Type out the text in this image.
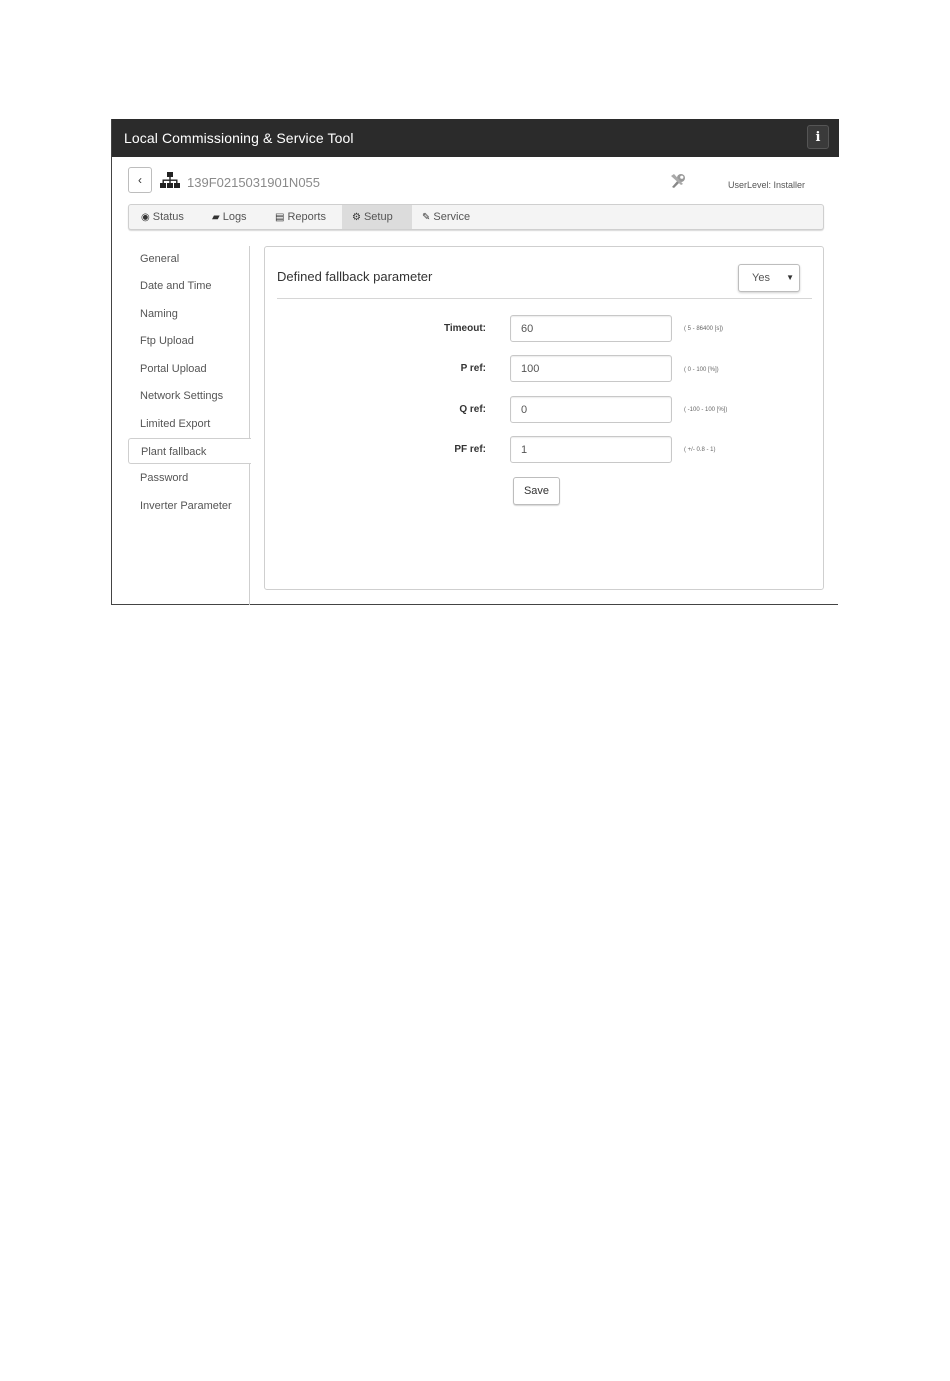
Local Commissioning & Service Tool	i
‹	139F0215031901N055	UserLevel: Installer
◉ Status	▰ Logs	▤ Reports	⚙ Setup	✎ Service
General
Date and Time
Naming
Ftp Upload
Portal Upload
Network Settings
Limited Export
Plant fallback
Password
Inverter Parameter
Defined fallback parameter	Yes ▼
Timeout:
60	( 5 - 86400 [s])
P ref:
100	( 0 - 100 [%])
Q ref:
0	( -100 - 100 [%])
PF ref:
1	( +/- 0.8 - 1)
Save
